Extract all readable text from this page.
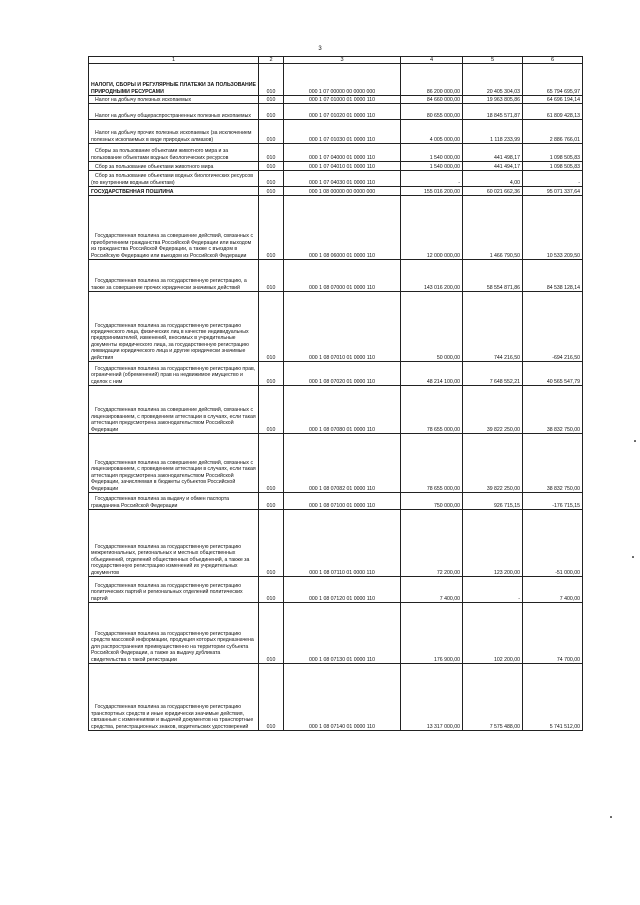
3
1	2	3	4	5	6
НАЛОГИ, СБОРЫ И РЕГУЛЯРНЫЕ ПЛАТЕЖИ ЗА ПОЛЬЗОВАНИЕ ПРИРОДНЫМИ РЕСУРСАМИ	010	000 1 07 00000 00 0000 000	86 200 000,00	20 405 304,03	65 794 695,97
Налог на добычу полезных ископаемых	010	000 1 07 01000 01 0000 110	84 660 000,00	19 963 805,86	64 696 194,14
Налог на добычу общераспространенных полезных ископаемых	010	000 1 07 01020 01 0000 110	80 655 000,00	18 845 571,87	61 809 428,13
Налог на добычу прочих полезных ископаемых (за исключением полезных ископаемых в виде природных алмазов)	010	000 1 07 01030 01 0000 110	4 005 000,00	1 118 233,99	2 886 766,01
Сборы за пользование объектами животного мира и за пользование объектами водных биологических ресурсов	010	000 1 07 04000 01 0000 110	1 540 000,00	441 498,17	1 098 505,83
Сбор за пользование объектами животного мира	010	000 1 07 04010 01 0000 110	1 540 000,00	441 494,17	1 098 505,83
Сбор за пользование объектами водных биологических ресурсов (по внутренним водным объектам)	010	000 1 07 04030 01 0000 110	-	4,00	-
ГОСУДАРСТВЕННАЯ ПОШЛИНА	010	000 1 08 00000 00 0000 000	155 016 200,00	60 021 662,36	95 071 337,64
Государственная пошлина за совершение действий, связанных с приобретением гражданства Российской Федерации или выходом из гражданства Российской Федерации, а также с въездом в Российскую Федерацию или выездом из Российской Федерации	010	000 1 08 06000 01 0000 110	12 000 000,00	1 466 790,50	10 533 209,50
Государственная пошлина за государственную регистрацию, а также за совершение прочих юридически значимых действий	010	000 1 08 07000 01 0000 110	143 016 200,00	58 554 871,86	84 538 128,14
Государственная пошлина за государственную регистрацию юридического лица, физических лиц в качестве индивидуальных предпринимателей, изменений, вносимых в учредительные документы юридического лица, за государственную регистрацию ликвидации юридического лица и другие юридически значимые действия	010	000 1 08 07010 01 0000 110	50 000,00	744 216,50	-694 216,50
Государственная пошлина за государственную регистрацию прав, ограничений (обременений) прав на недвижимое имущество и сделок с ним	010	000 1 08 07020 01 0000 110	48 214 100,00	7 648 552,21	40 565 547,79
Государственная пошлина за совершение действий, связанных с лицензированием, с проведением аттестации в случаях, если такая аттестация предусмотрена законодательством Российской Федерации	010	000 1 08 07080 01 0000 110	78 655 000,00	39 822 250,00	38 832 750,00
Государственная пошлина за совершение действий, связанных с лицензированием, с проведением аттестации в случаях, если такая аттестация предусмотрена законодательством Российской Федерации, зачисляемая в бюджеты субъектов Российской Федерации	010	000 1 08 07082 01 0000 110	78 655 000,00	39 822 250,00	38 832 750,00
Государственная пошлина за выдачу и обмен паспорта гражданина Российской Федерации	010	000 1 08 07100 01 0000 110	750 000,00	926 715,15	-176 715,15
Государственная пошлина за государственную регистрацию межрегиональных, региональных и местных общественных объединений, отделений общественных объединений, а также за государственную регистрацию изменений их учредительных документов	010	000 1 08 07110 01 0000 110	72 200,00	123 200,00	-51 000,00
Государственная пошлина за государственную регистрацию политических партий и региональных отделений политических партий	010	000 1 08 07120 01 0000 110	7 400,00	-	7 400,00
Государственная пошлина за государственную регистрацию средств массовой информации, продукция которых предназначена для распространения преимущественно на территории субъекта Российской Федерации, а также за выдачу дубликата свидетельства о такой регистрации	010	000 1 08 07130 01 0000 110	176 900,00	102 200,00	74 700,00
Государственная пошлина за государственную регистрацию транспортных средств и иные юридически значимые действия, связанные с изменениями и выдачей документов на транспортные средства, регистрационных знаков, водительских удостоверений	010	000 1 08 07140 01 0000 110	13 317 000,00	7 575 488,00	5 741 512,00
